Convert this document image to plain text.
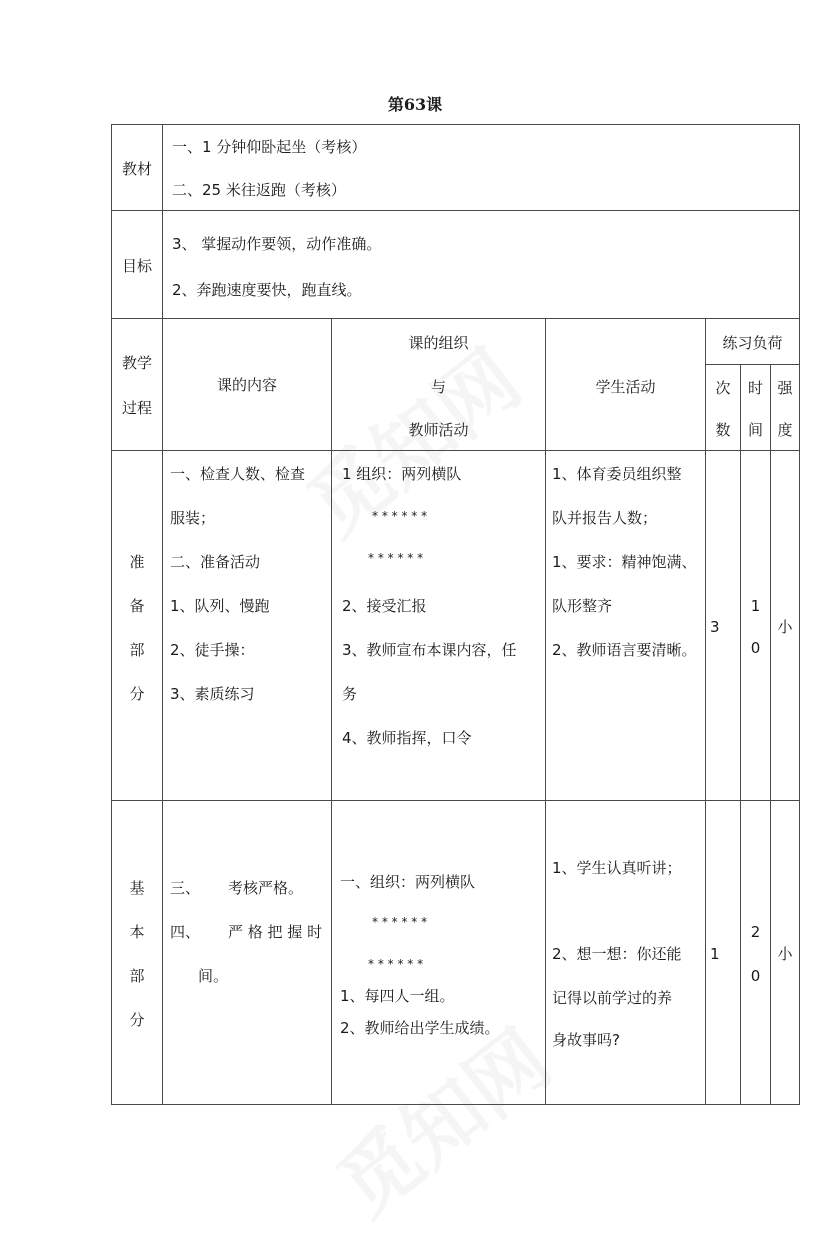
第63课
教材
一、1 分钟仰卧起坐（考核）
二、25 米往返跑（考核）
目标
3、 掌握动作要领，动作准确。
2、奔跑速度要快，跑直线。
教学
过程
课的内容
课的组织
与
教师活动
学生活动
练习负荷
次
数
时
间
强
度
准
备
部
分
一、检查人数、检查
服装；
二、准备活动
1、队列、慢跑
2、徒手操：
3、素质练习
1 组织：两列横队
* * * * * *
* * * * * *
2、接受汇报
3、教师宣布本课内容，任
务
4、教师指挥，口令
1、体育委员组织整
队并报告人数；
1、要求：精神饱满、
队形整齐
2、教师语言要清晰。
3
1
0
小
基
本
部
分
三、 考核严格。
四、 严 格 把 握 时
间。
一、组织：两列横队
* * * * * *
* * * * * *
1、每四人一组。
2、教师给出学生成绩。
1、学生认真听讲；
2、想一想：你还能
记得以前学过的养
身故事吗?
1
2
0
小
